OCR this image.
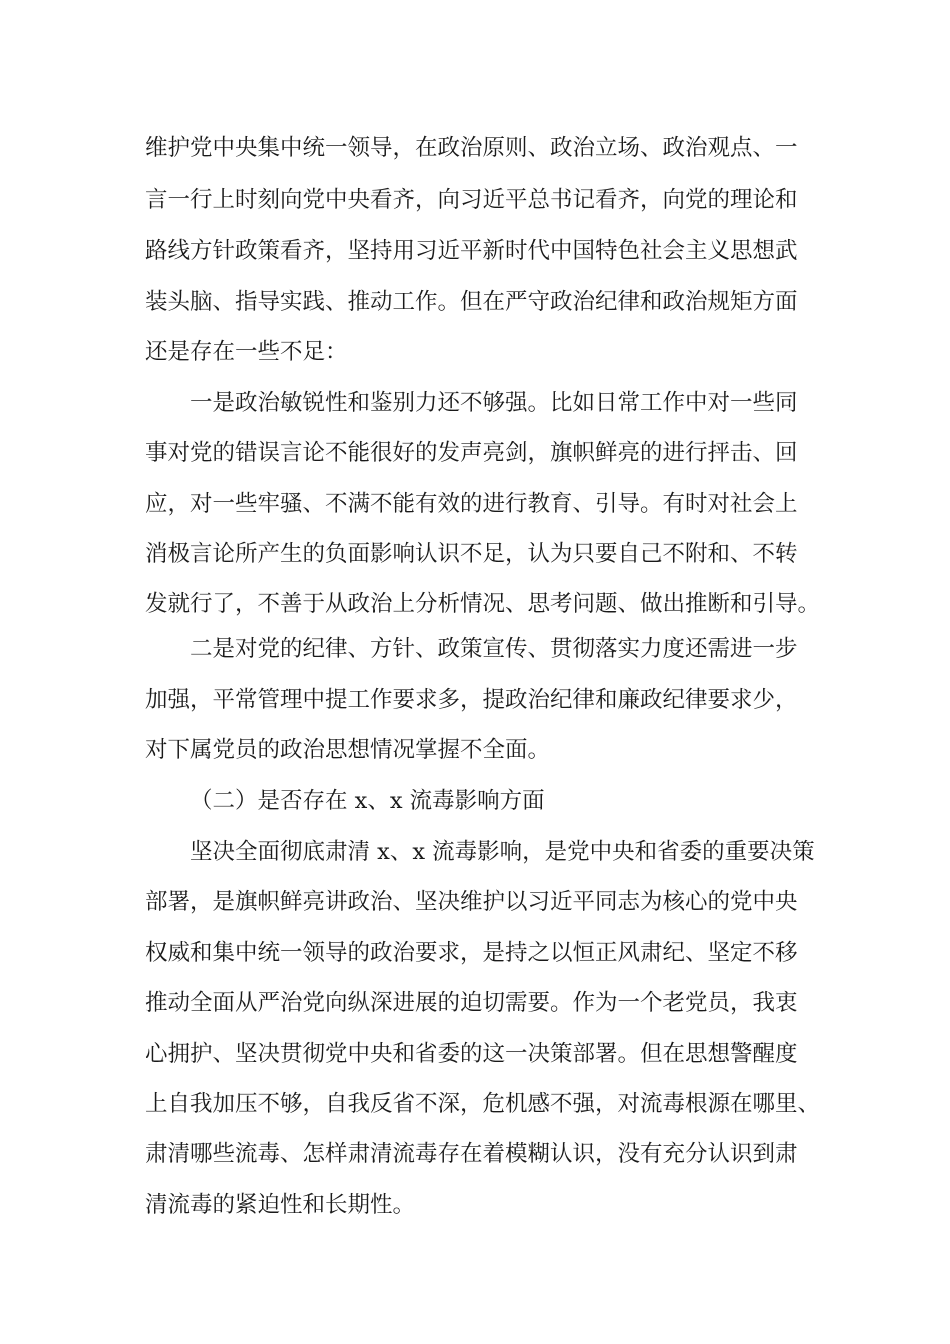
维护党中央集中统一领导，在政治原则、政治立场、政治观点、一
言一行上时刻向党中央看齐，向习近平总书记看齐，向党的理论和
路线方针政策看齐，坚持用习近平新时代中国特色社会主义思想武
装头脑、指导实践、推动工作。但在严守政治纪律和政治规矩方面
还是存在一些不足：
一是政治敏锐性和鉴别力还不够强。比如日常工作中对一些同
事对党的错误言论不能很好的发声亮剑，旗帜鲜亮的进行抨击、回
应，对一些牢骚、不满不能有效的进行教育、引导。有时对社会上
消极言论所产生的负面影响认识不足，认为只要自己不附和、不转
发就行了，不善于从政治上分析情况、思考问题、做出推断和引导。
二是对党的纪律、方针、政策宣传、贯彻落实力度还需进一步
加强，平常管理中提工作要求多，提政治纪律和廉政纪律要求少，
对下属党员的政治思想情况掌握不全面。
（二）是否存在 x、x 流毒影响方面
坚决全面彻底肃清 x、x 流毒影响，是党中央和省委的重要决策
部署，是旗帜鲜亮讲政治、坚决维护以习近平同志为核心的党中央
权威和集中统一领导的政治要求，是持之以恒正风肃纪、坚定不移
推动全面从严治党向纵深进展的迫切需要。作为一个老党员，我衷
心拥护、坚决贯彻党中央和省委的这一决策部署。但在思想警醒度
上自我加压不够，自我反省不深，危机感不强，对流毒根源在哪里、
肃清哪些流毒、怎样肃清流毒存在着模糊认识，没有充分认识到肃
清流毒的紧迫性和长期性。
